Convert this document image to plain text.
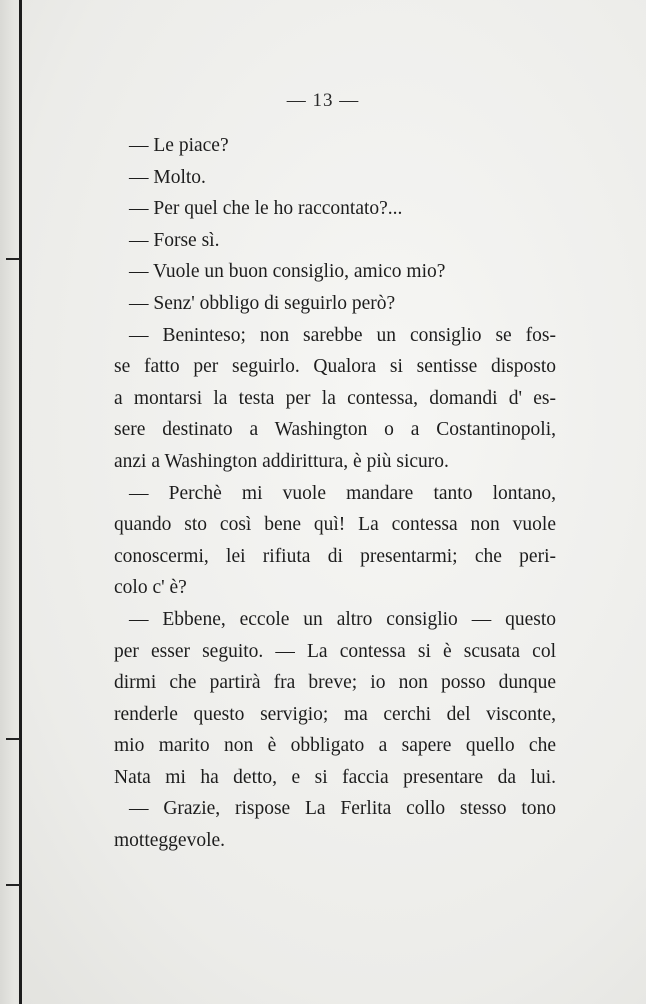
— 13 —
— Le piace?
— Molto.
— Per quel che le ho raccontato?...
— Forse sì.
— Vuole un buon consiglio, amico mio?
— Senz' obbligo di seguirlo però?
— Beninteso; non sarebbe un consiglio se fos-
se fatto per seguirlo. Qualora si sentisse disposto
a montarsi la testa per la contessa, domandi d' es-
sere destinato a Washington o a Costantinopoli,
anzi a Washington addirittura, è più sicuro.
— Perchè mi vuole mandare tanto lontano,
quando sto così bene quì! La contessa non vuole
conoscermi, lei rifiuta di presentarmi; che peri-
colo c' è?
— Ebbene, eccole un altro consiglio — questo
per esser seguito. — La contessa si è scusata col
dirmi che partirà fra breve; io non posso dunque
renderle questo servigio; ma cerchi del visconte,
mio marito non è obbligato a sapere quello che
Nata mi ha detto, e si faccia presentare da lui.
— Grazie, rispose La Ferlita collo stesso tono
motteggevole.
